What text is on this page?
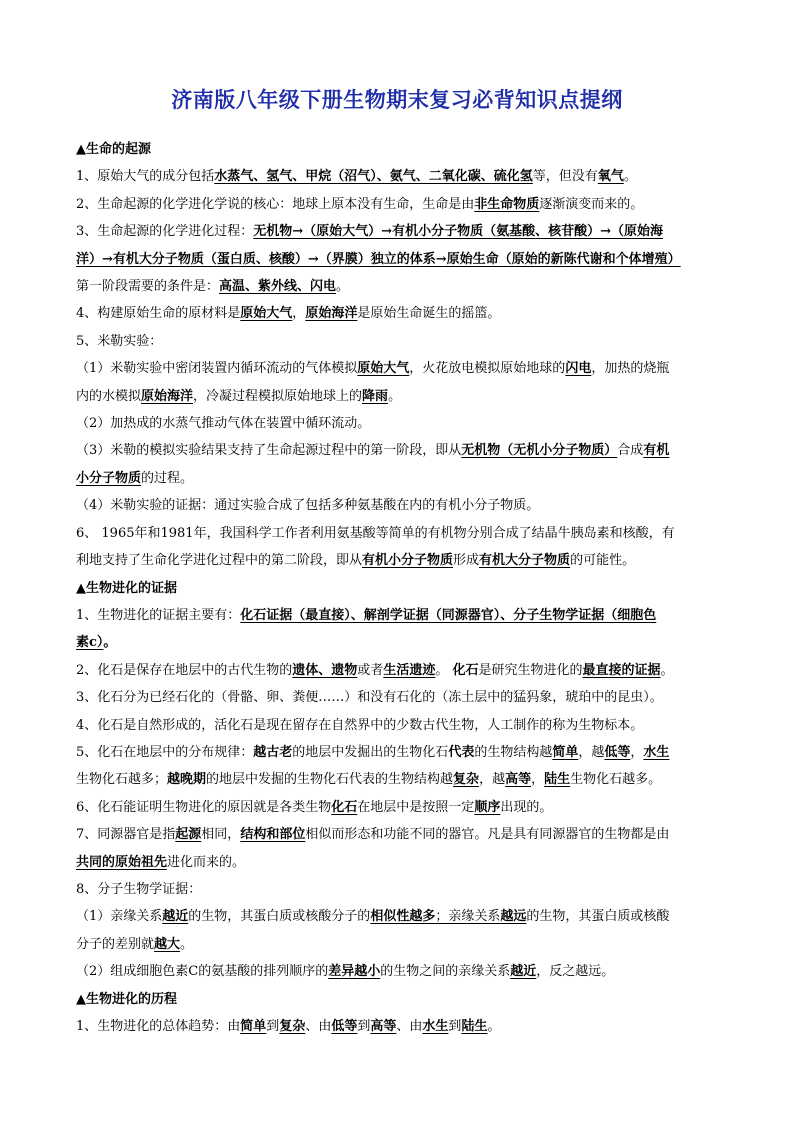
济南版八年级下册生物期末复习必背知识点提纲

▲生命的起源

1、原始大气的成分包括水蒸气、氢气、甲烷（沼气）、氨气、二氧化碳、硫化氢等，但没有氧气。

2、生命起源的化学进化学说的核心：地球上原本没有生命，生命是由非生命物质逐渐演变而来的。

3、生命起源的化学进化过程：无机物→（原始大气）→有机小分子物质（氨基酸、核苷酸）→（原始海

洋）→有机大分子物质（蛋白质、核酸）→（界膜）独立的体系→原始生命（原始的新陈代谢和个体增殖）

第一阶段需要的条件是：高温、紫外线、闪电。

4、构建原始生命的原材料是原始大气，原始海洋是原始生命诞生的摇篮。

5、米勒实验：

（1）米勒实验中密闭装置内循环流动的气体模拟原始大气，火花放电模拟原始地球的闪电，加热的烧瓶

内的水模拟原始海洋，冷凝过程模拟原始地球上的降雨。

（2）加热成的水蒸气推动气体在装置中循环流动。

（3）米勒的模拟实验结果支持了生命起源过程中的第一阶段，即从无机物（无机小分子物质）合成有机

小分子物质的过程。

（4）米勒实验的证据：通过实验合成了包括多种氨基酸在内的有机小分子物质。

6、 1965年和1981年，我国科学工作者利用氨基酸等简单的有机物分别合成了结晶牛胰岛素和核酸，有

利地支持了生命化学进化过程中的第二阶段，即从有机小分子物质形成有机大分子物质的可能性。

▲生物进化的证据

1、生物进化的证据主要有：化石证据（最直接）、解剖学证据（同源器官）、分子生物学证据（细胞色

素c）。

2、化石是保存在地层中的古代生物的遗体、遗物或者生活遗迹。 化石是研究生物进化的最直接的证据。

3、化石分为已经石化的（骨骼、卵、粪便……）和没有石化的（冻土层中的猛犸象，琥珀中的昆虫）。

4、化石是自然形成的，活化石是现在留存在自然界中的少数古代生物，人工制作的称为生物标本。

5、化石在地层中的分布规律：越古老的地层中发掘出的生物化石代表的生物结构越简单，越低等，水生

生物化石越多；越晚期的地层中发掘的生物化石代表的生物结构越复杂，越高等，陆生生物化石越多。

6、化石能证明生物进化的原因就是各类生物化石在地层中是按照一定顺序出现的。

7、同源器官是指起源相同，结构和部位相似而形态和功能不同的器官。凡是具有同源器官的生物都是由

共同的原始祖先进化而来的。

8、分子生物学证据：

（1）亲缘关系越近的生物，其蛋白质或核酸分子的相似性越多；亲缘关系越远的生物，其蛋白质或核酸

分子的差别就越大。

（2）组成细胞色素C的氨基酸的排列顺序的差异越小的生物之间的亲缘关系越近，反之越远。

▲生物进化的历程

1、生物进化的总体趋势：由简单到复杂、由低等到高等、由水生到陆生。
